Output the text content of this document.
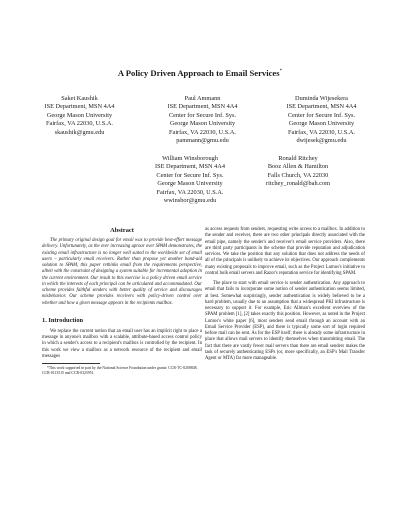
A Policy Driven Approach to Email Services*
Saket Kaushik
ISE Department, MSN 4A4
George Mason University
Fairfax, VA 22030, U.S.A.
skaushik@gmu.edu
Paul Ammann
ISE Department, MSN 4A4
Center for Secure Inf. Sys.
George Mason University
Fairfax, VA 22030, U.S.A.
pammann@gmu.edu
Duminda Wijesekera
ISE Department, MSN 4A4
Center for Secure Inf. Sys.
George Mason University
Fairfax, VA 22030, U.S.A.
dwijesek@gmu.edu
William Winsborough
ISE Department, MSN 4A4
Center for Secure Inf. Sys.
George Mason University
Fairfax, VA 22030, U.S.A.
wwinsbor@gmu.edu
Ronald Ritchey
Booz Allen & Hamilton
Falls Church, VA 22030
ritchey_ronald@bah.com
Abstract

The primary original design goal for email was to provide best-effort message delivery. Unfortunately, as the ever increasing uproar over SPAM demonstrates, the existing email infrastructure is no longer well suited to the worldwide set of email users – particularly email receivers. Rather than propose yet another band-aid solution to SPAM, this paper rethinks email from the requirements perspective, albeit with the constraint of designing a system suitable for incremental adoption in the current environment. Our result to this exercise is a policy driven email service in which the interests of each principal can be articulated and accommodated. Our scheme provides faithful senders with better quality of service and discourages misbehavior. Our scheme provides receivers with policy-driven control over whether and how a given message appears in the recipients mailbox.

1. Introduction

We replace the current notion that an email user has an implicit right to place a message in anyone's mailbox with a scalable, attribute-based access control policy in which a sender's access to a recipient's mailbox is controlled by the recipient. In this work we view a mailbox as a network resource of the recipient and email messages

*This work supported in part by the National Science Foundation under grants: CCR-TC-0208848, CCR-0113515 and CCR-0325951.

as access requests from senders, requesting write access to a mailbox. In addition to the sender and receiver, there are two other principals directly associated with the email pipe, namely the sender's and receiver's email service providers. Also, there are third party participants in the scheme that provide reputation and adjudication services. We take the position that any solution that does not address the needs of all of the principals is unlikely to achieve its objectives. Our approach complements many existing proposals to improve email, such as the Project Lumos's initiative to control bulk email servers and Razor's reputation service for identifying SPAM.

The place to start with email service is sender authentication. Any approach to email that fails to incorporate some notion of sender authentication seems limited, at best. Somewhat surprisingly, sender authentication is widely believed to be a hard problem, usually due to an assumption that a widespread PKI infrastructure is necessary to support it. For example, Eric Allman's excellent overview of the SPAM problem [1], [2] takes exactly this position. However, as noted in the Project Lumos's white paper [6], most senders send email through an account with an Email Service Provider (ESP), and there is typically some sort of login required before mail can be sent. As for the ESP itself, there is already some infrastructure in place that allows mail servers to identify themselves when transmitting email. The fact that there are vastly fewer mail servers than there are email senders makes the task of securely authenticating ESPs (or, more specifically, an ESP's Mail Transfer Agent or MTA) far more manageable.
